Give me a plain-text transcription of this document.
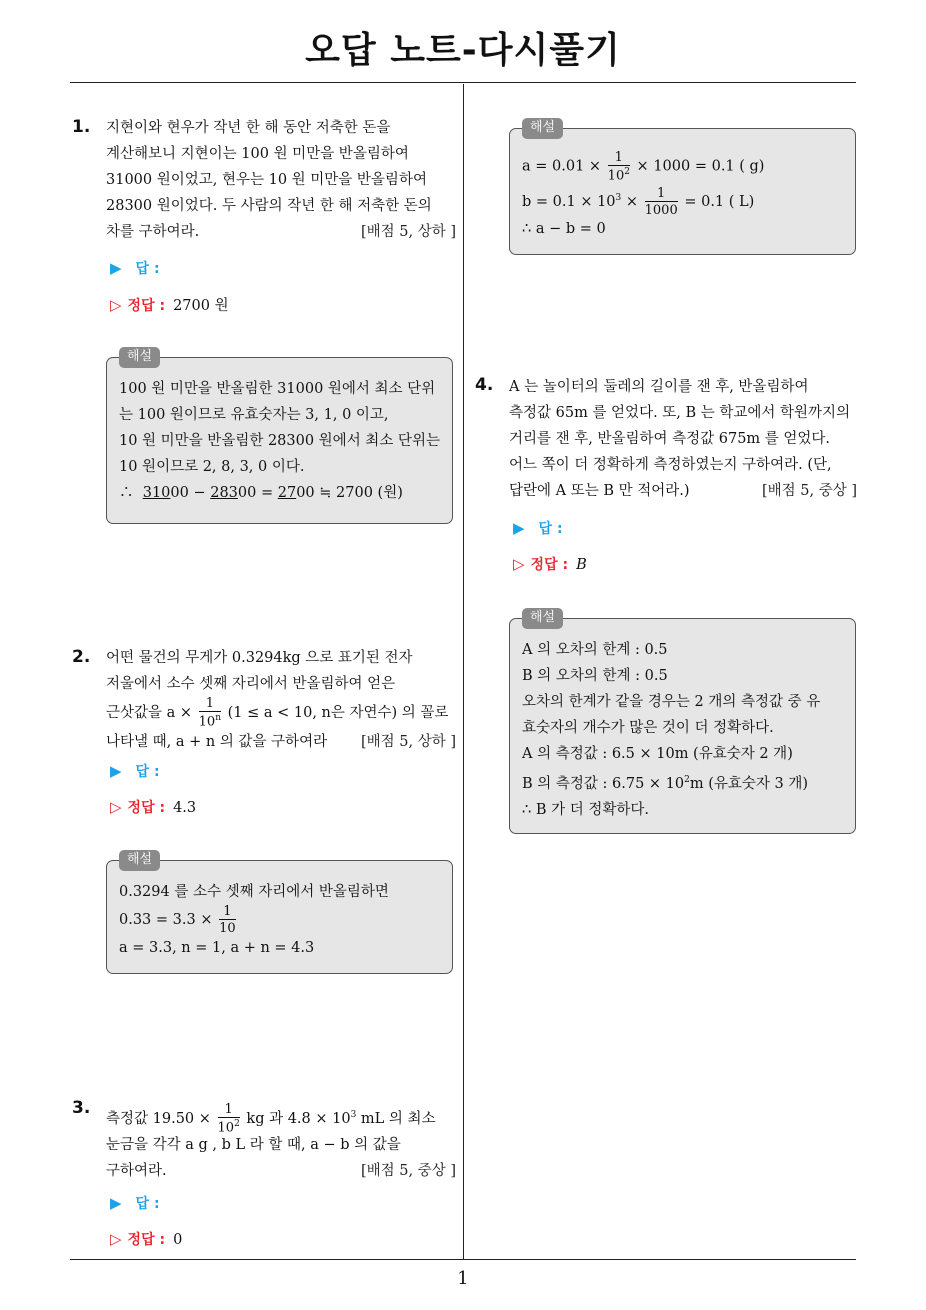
오답 노트-다시풀기
1
1. 지현이와 현우가 작년 한 해 동안 저축한 돈을
계산해보니 지현이는 100 원 미만을 반올림하여
31000 원이었고, 현우는 10 원 미만을 반올림하여
28300 원이었다. 두 사람의 작년 한 해 저축한 돈의
차를 구하여라.	[배점 5, 상하 ]
▶ 답 :
▷ 정답 : 2700 원
해설
100 원 미만을 반올림한 31000 원에서 최소 단위
는 100 원이므로 유효숫자는 3, 1, 0 이고,
10 원 미만을 반올림한 28300 원에서 최소 단위는
10 원이므로 2, 8, 3, 0 이다.
∴ 31000 − 28300 = 2700 ≒ 2700 (원)
2. 어떤 물건의 무게가 0.3294kg 으로 표기된 전자
저울에서 소수 셋째 자리에서 반올림하여 얻은
근삿값을 $a \times \frac{1}{10^n} (1 \le a < 10$, n은 자연수) 의 꼴로
나타낼 때, a + n 의 값을 구하여라 [배점 5, 상하 ]
▶ 답 :
▷ 정답 : 4.3
해설
0.3294 를 소수 셋째 자리에서 반올림하면
$0.33 = 3.3 \times \frac{1}{10}$
a = 3.3, n = 1, a + n = 4.3
3.
측정값 $19.50 \times \frac{1}{10^2}$ kg 과 $4.8 \times 10^3$ mL 의 최소
눈금을 각각 a g , b L 라 할 때, a − b 의 값을
구하여라.	[배점 5, 중상 ]
▶ 답 :
▷ 정답 : 0
해설
$a = 0.01 \times \frac{1}{10^2} \times 1000 = 0.1$ ( g)
$b = 0.1 \times 10^3 \times \frac{1}{1000} = 0.1$ ( L)
∴ a − b = 0
4. A 는 놀이터의 둘레의 길이를 잰 후, 반올림하여
측정값 65m 를 얻었다. 또, B 는 학교에서 학원까지의
거리를 잰 후, 반올림하여 측정값 675m 를 얻었다.
어느 쪽이 더 정확하게 측정하였는지 구하여라. (단,
답란에 A 또는 B 만 적어라.)	[배점 5, 중상 ]
▶ 답 :
▷ 정답 : B
해설
A 의 오차의 한계 : 0.5
B 의 오차의 한계 : 0.5
오차의 한계가 같을 경우는 2 개의 측정값 중 유
효숫자의 개수가 많은 것이 더 정확하다.
A 의 측정값 : 6.5 × 10m (유효숫자 2 개)
B 의 측정값 : $6.75 \times 10^2m$ (유효숫자 3 개)
∴ B 가 더 정확하다.
